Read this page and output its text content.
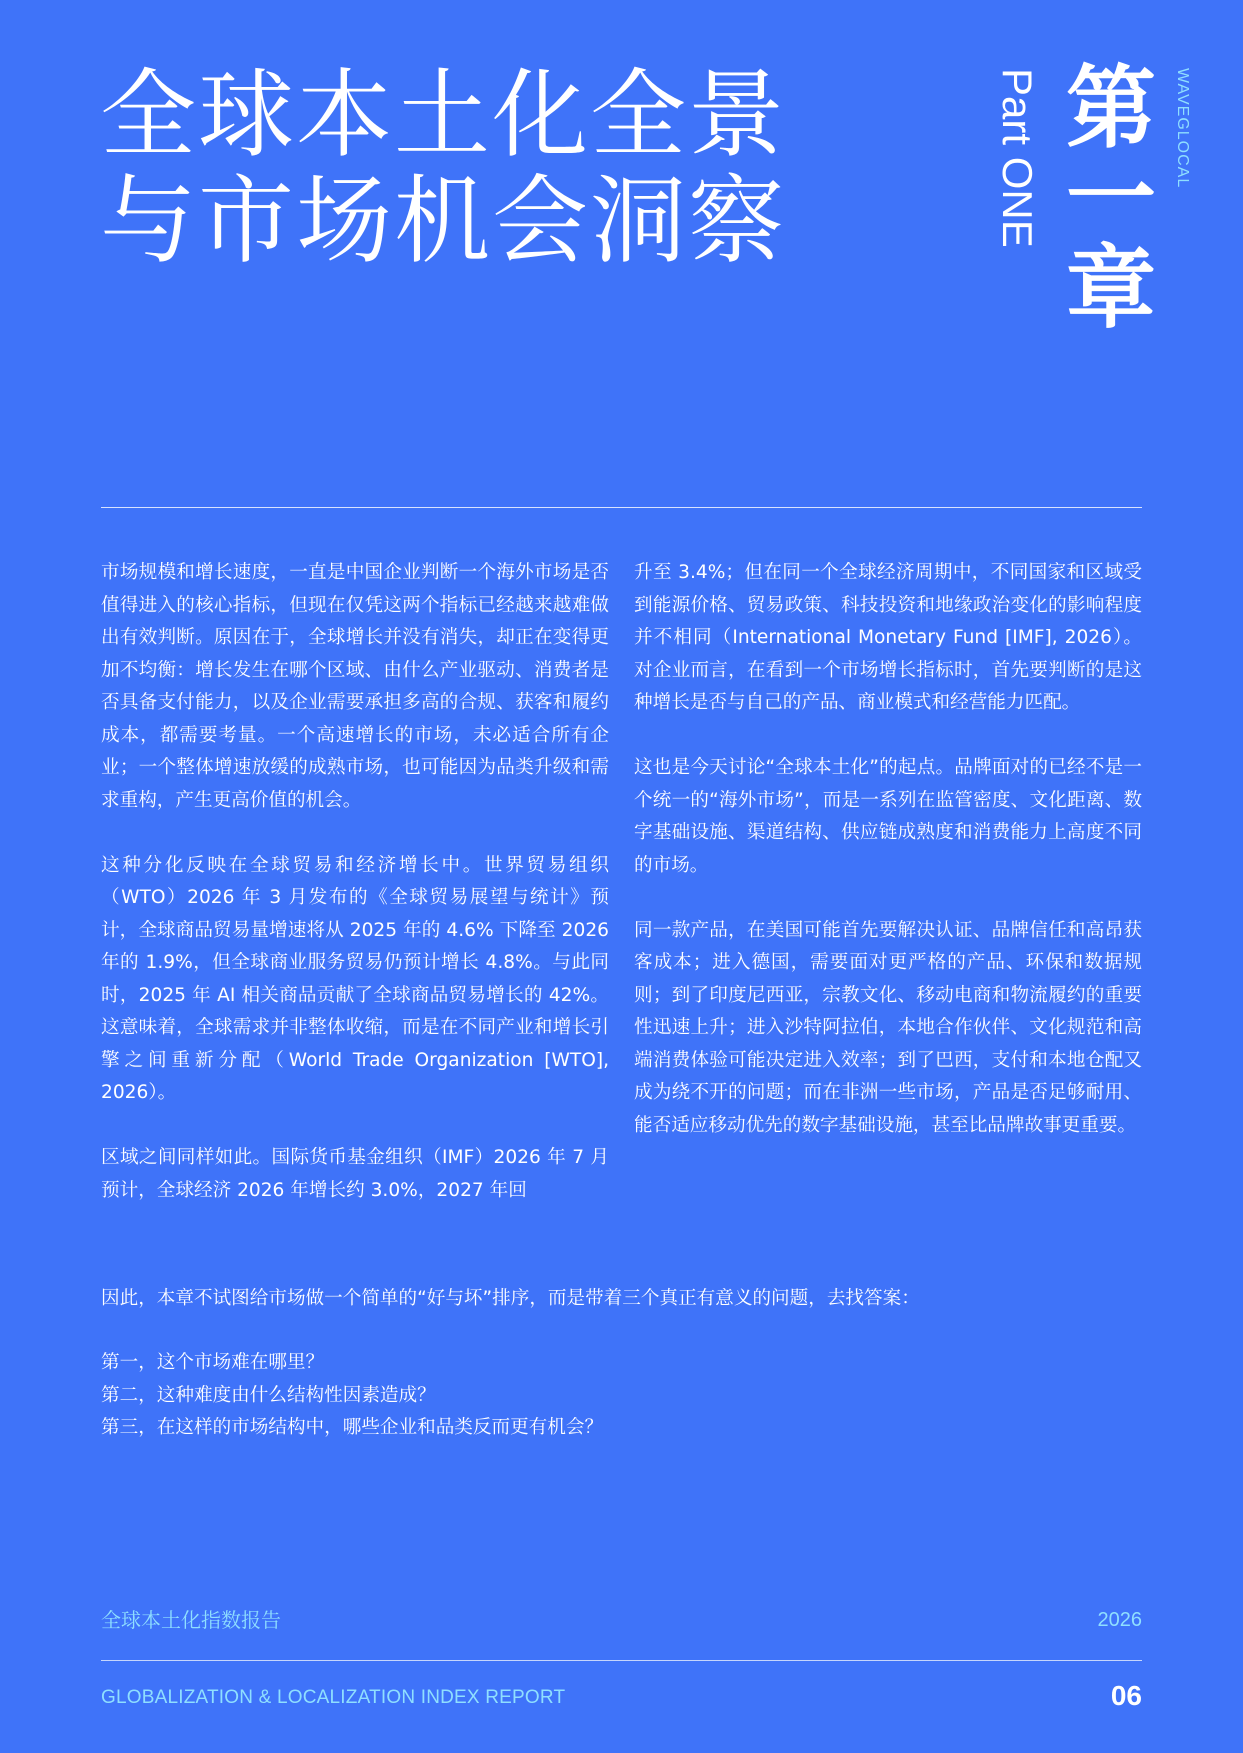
全球本土化全景
与市场机会洞察	第一章
Part ONE	WAVEGLOCAL

市场规模和增长速度，一直是中国企业判断一个海外市场是否值得进入的核心指标，但现在仅凭这两个指标已经越来越难做出有效判断。原因在于，全球增长并没有消失，却正在变得更加不均衡：增长发生在哪个区域、由什么产业驱动、消费者是否具备支付能力，以及企业需要承担多高的合规、获客和履约成本，都需要考量。一个高速增长的市场，未必适合所有企业；一个整体增速放缓的成熟市场，也可能因为品类升级和需求重构，产生更高价值的机会。

这种分化反映在全球贸易和经济增长中。世界贸易组织（WTO）2026 年 3 月发布的《全球贸易展望与统计》预计，全球商品贸易量增速将从 2025 年的 4.6% 下降至 2026 年的 1.9%，但全球商业服务贸易仍预计增长 4.8%。与此同时，2025 年 AI 相关商品贡献了全球商品贸易增长的 42%。这意味着，全球需求并非整体收缩，而是在不同产业和增长引擎之间重新分配（World Trade Organization [WTO], 2026）。

区域之间同样如此。国际货币基金组织（IMF）2026 年 7 月预计，全球经济 2026 年增长约 3.0%，2027 年回

升至 3.4%；但在同一个全球经济周期中，不同国家和区域受到能源价格、贸易政策、科技投资和地缘政治变化的影响程度并不相同（International Monetary Fund [IMF], 2026）。对企业而言，在看到一个市场增长指标时，首先要判断的是这种增长是否与自己的产品、商业模式和经营能力匹配。

这也是今天讨论“全球本土化”的起点。品牌面对的已经不是一个统一的“海外市场”，而是一系列在监管密度、文化距离、数字基础设施、渠道结构、供应链成熟度和消费能力上高度不同的市场。

同一款产品，在美国可能首先要解决认证、品牌信任和高昂获客成本；进入德国，需要面对更严格的产品、环保和数据规则；到了印度尼西亚，宗教文化、移动电商和物流履约的重要性迅速上升；进入沙特阿拉伯，本地合作伙伴、文化规范和高端消费体验可能决定进入效率；到了巴西，支付和本地仓配又成为绕不开的问题；而在非洲一些市场，产品是否足够耐用、能否适应移动优先的数字基础设施，甚至比品牌故事更重要。

因此，本章不试图给市场做一个简单的“好与坏”排序，而是带着三个真正有意义的问题，去找答案：
第一，这个市场难在哪里？
第二，这种难度由什么结构性因素造成？
第三，在这样的市场结构中，哪些企业和品类反而更有机会？
全球本土化指数报告	2026
GLOBALIZATION & LOCALIZATION INDEX REPORT	06
